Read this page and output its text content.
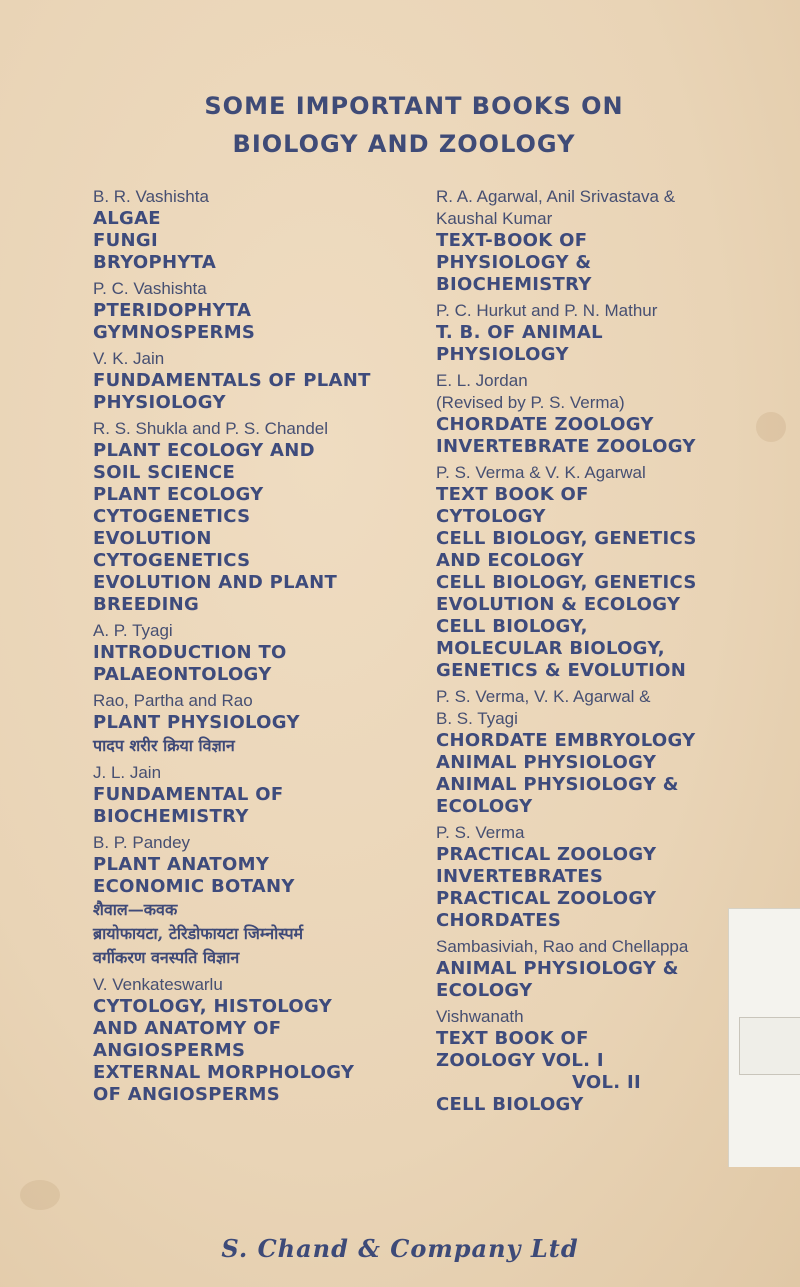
SOME IMPORTANT BOOKS ON
BIOLOGY AND ZOOLOGY
B. R. Vashishta
ALGAE
FUNGI
BRYOPHYTA
P. C. Vashishta
PTERIDOPHYTA
GYMNOSPERMS
V. K. Jain
FUNDAMENTALS OF PLANT
PHYSIOLOGY
R. S. Shukla and P. S. Chandel
PLANT ECOLOGY AND
SOIL SCIENCE
PLANT ECOLOGY
CYTOGENETICS
EVOLUTION
CYTOGENETICS
EVOLUTION AND PLANT
BREEDING
A. P. Tyagi
INTRODUCTION TO
PALAEONTOLOGY
Rao, Partha and Rao
PLANT PHYSIOLOGY
पादप शरीर क्रिया विज्ञान
J. L. Jain
FUNDAMENTAL OF
BIOCHEMISTRY
B. P. Pandey
PLANT ANATOMY
ECONOMIC BOTANY
शैवाल—कवक
ब्रायोफायटा, टेरिडोफायटा जिम्नोस्पर्म
वर्गीकरण वनस्पति विज्ञान
V. Venkateswarlu
CYTOLOGY, HISTOLOGY
AND ANATOMY OF
ANGIOSPERMS
EXTERNAL MORPHOLOGY
OF ANGIOSPERMS
R. A. Agarwal, Anil Srivastava &
Kaushal Kumar
TEXT-BOOK OF
PHYSIOLOGY &
BIOCHEMISTRY
P. C. Hurkut and P. N. Mathur
T. B. OF ANIMAL
PHYSIOLOGY
E. L. Jordan
(Revised by P. S. Verma)
CHORDATE ZOOLOGY
INVERTEBRATE ZOOLOGY
P. S. Verma & V. K. Agarwal
TEXT BOOK OF
CYTOLOGY
CELL BIOLOGY, GENETICS
AND ECOLOGY
CELL BIOLOGY, GENETICS
EVOLUTION & ECOLOGY
CELL BIOLOGY,
MOLECULAR BIOLOGY,
GENETICS & EVOLUTION
P. S. Verma, V. K. Agarwal &
B. S. Tyagi
CHORDATE EMBRYOLOGY
ANIMAL PHYSIOLOGY
ANIMAL PHYSIOLOGY &
ECOLOGY
P. S. Verma
PRACTICAL ZOOLOGY
INVERTEBRATES
PRACTICAL ZOOLOGY
CHORDATES
Sambasiviah, Rao and Chellappa
ANIMAL PHYSIOLOGY &
ECOLOGY
Vishwanath
TEXT BOOK OF
ZOOLOGY VOL. I
VOL. II
CELL BIOLOGY
S. Chand & Company Ltd
